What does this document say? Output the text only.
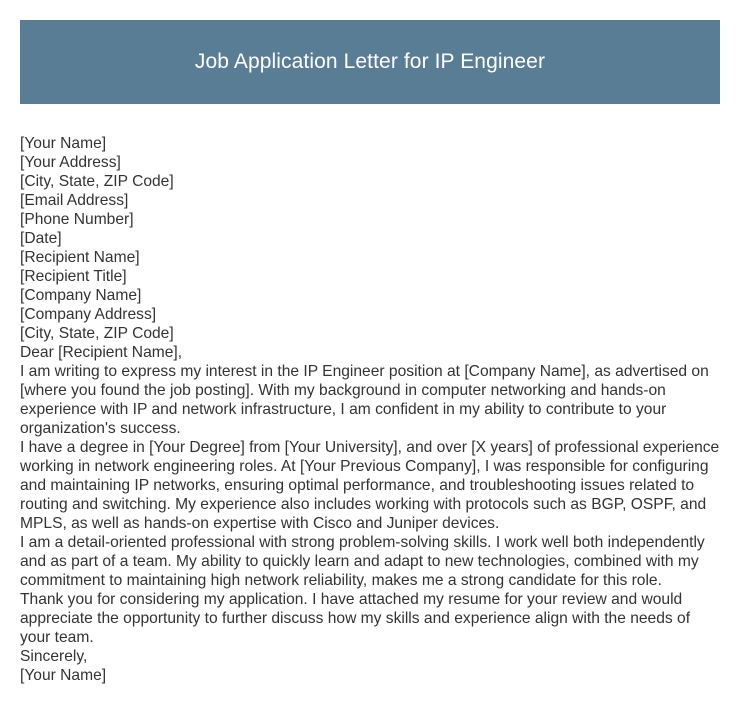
Job Application Letter for IP Engineer
[Your Name]
[Your Address]
[City, State, ZIP Code]
[Email Address]
[Phone Number]
[Date]
[Recipient Name]
[Recipient Title]
[Company Name]
[Company Address]
[City, State, ZIP Code]

Dear [Recipient Name],

I am writing to express my interest in the IP Engineer position at [Company Name], as advertised on [where you found the job posting]. With my background in computer networking and hands-on experience with IP and network infrastructure, I am confident in my ability to contribute to your organization's success.

I have a degree in [Your Degree] from [Your University], and over [X years] of professional experience working in network engineering roles. At [Your Previous Company], I was responsible for configuring and maintaining IP networks, ensuring optimal performance, and troubleshooting issues related to routing and switching. My experience also includes working with protocols such as BGP, OSPF, and MPLS, as well as hands-on expertise with Cisco and Juniper devices.

I am a detail-oriented professional with strong problem-solving skills. I work well both independently and as part of a team. My ability to quickly learn and adapt to new technologies, combined with my commitment to maintaining high network reliability, makes me a strong candidate for this role.

Thank you for considering my application. I have attached my resume for your review and would appreciate the opportunity to further discuss how my skills and experience align with the needs of your team.

Sincerely,
[Your Name]
